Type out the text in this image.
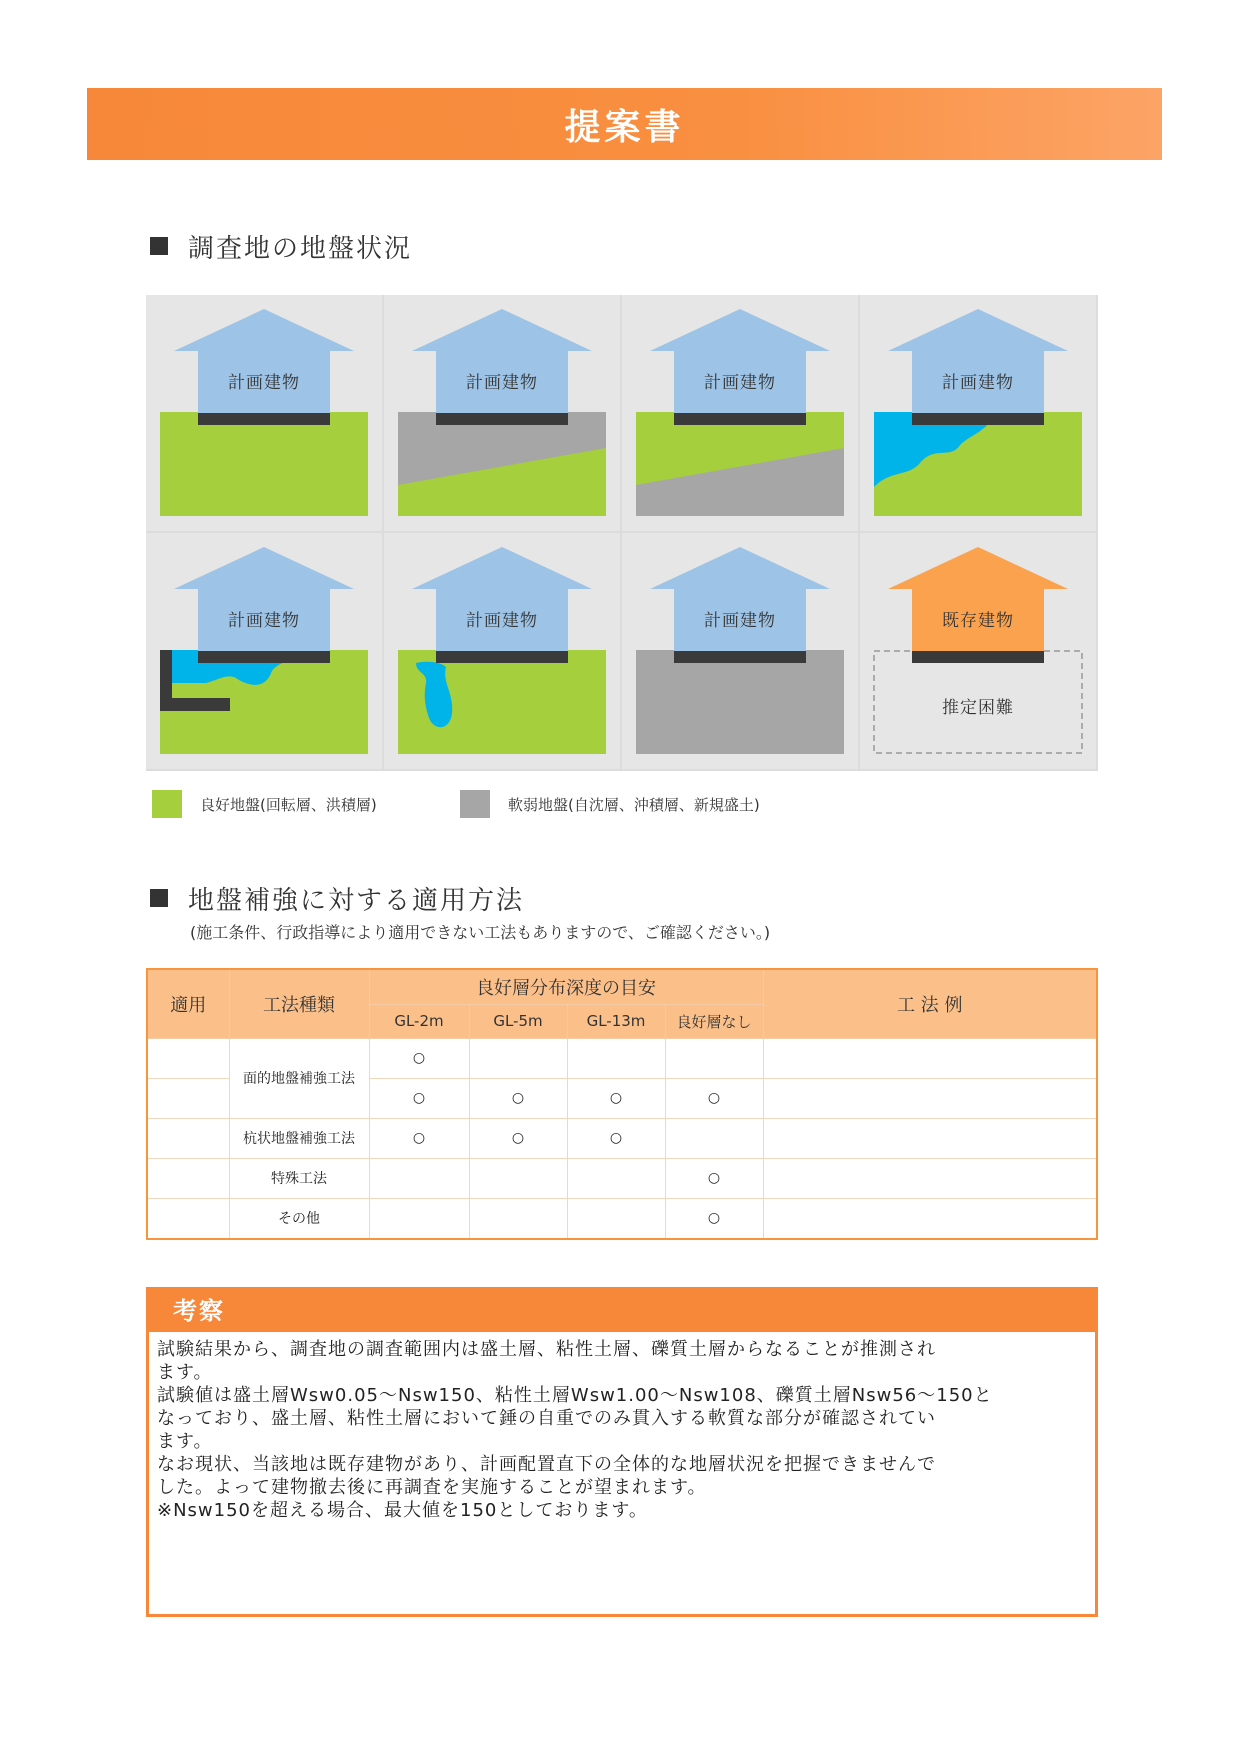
提案書
調査地の地盤状況
計画建物	計画建物	計画建物	計画建物
計画建物	計画建物	計画建物	既存建物
推定困難
良好地盤(回転層、洪積層)	軟弱地盤(自沈層、沖積層、新規盛土)
地盤補強に対する適用方法
(施工条件、行政指導により適用できない工法もありますので、ご確認ください。)
適用	工法種類	良好層分布深度の目安				工 法 例
		GL-2m	GL-5m	GL-13m	良好層なし	
	面的地盤補強工法	○				
		○	○	○	○	
	杭状地盤補強工法	○	○	○		
	特殊工法				○	
	その他				○	
考察

試験結果から、調査地の調査範囲内は盛土層、粘性土層、礫質土層からなることが推測され

ます。

試験値は盛土層Wsw0.05～Nsw150、粘性土層Wsw1.00～Nsw108、礫質土層Nsw56～150と

なっており、盛土層、粘性土層において錘の自重でのみ貫入する軟質な部分が確認されてい

ます。

なお現状、当該地は既存建物があり、計画配置直下の全体的な地層状況を把握できませんで

した。よって建物撤去後に再調査を実施することが望まれます。

※Nsw150を超える場合、最大値を150としております。
